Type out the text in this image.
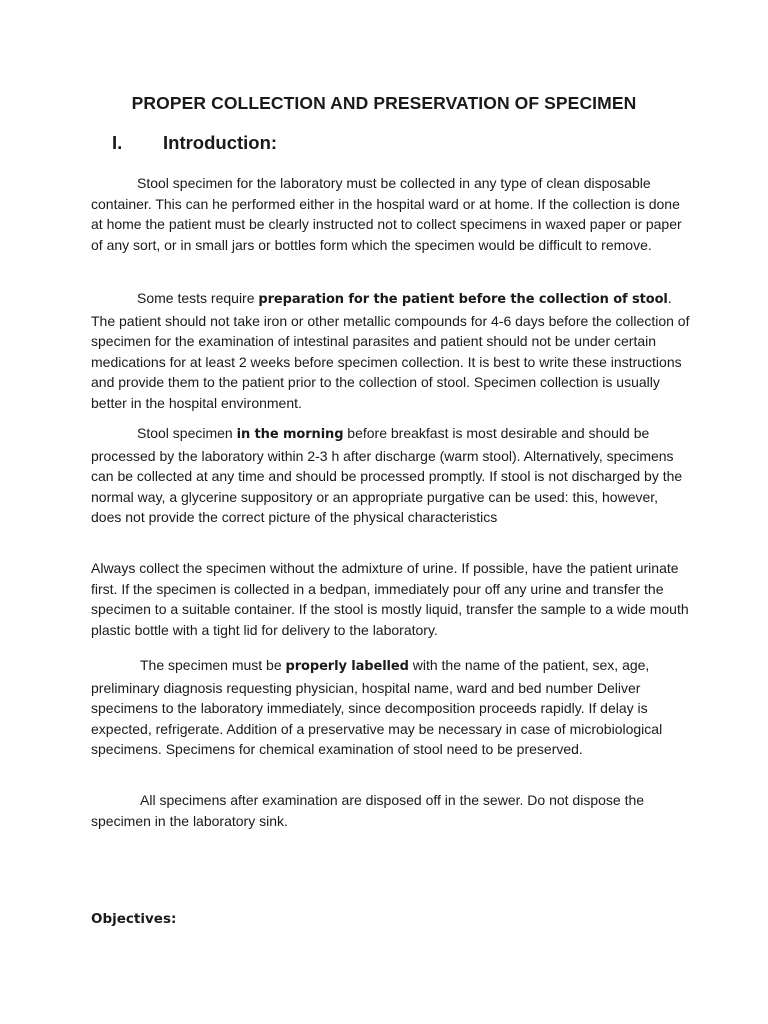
PROPER COLLECTION AND PRESERVATION OF SPECIMEN
I. Introduction:

Stool specimen for the laboratory must be collected in any type of clean disposable container. This can he performed either in the hospital ward or at home. If the collection is done at home the patient must be clearly instructed not to collect specimens in waxed paper or paper of any sort, or in small jars or bottles form which the specimen would be difficult to remove.

Some tests require preparation for the patient before the collection of stool. The patient should not take iron or other metallic compounds for 4-6 days before the collection of specimen for the examination of intestinal parasites and patient should not be under certain medications for at least 2 weeks before specimen collection. It is best to write these instructions and provide them to the patient prior to the collection of stool. Specimen collection is usually better in the hospital environment.

Stool specimen in the morning before breakfast is most desirable and should be processed by the laboratory within 2-3 h after discharge (warm stool). Alternatively, specimens can be collected at any time and should be processed promptly. If stool is not discharged by the normal way, a glycerine suppository or an appropriate purgative can be used: this, however, does not provide the correct picture of the physical characteristics

Always collect the specimen without the admixture of urine. If possible, have the patient urinate first. If the specimen is collected in a bedpan, immediately pour off any urine and transfer the specimen to a suitable container. If the stool is mostly liquid, transfer the sample to a wide mouth plastic bottle with a tight lid for delivery to the laboratory.

The specimen must be properly labelled with the name of the patient, sex, age, preliminary diagnosis requesting physician, hospital name, ward and bed number Deliver specimens to the laboratory immediately, since decomposition proceeds rapidly. If delay is expected, refrigerate. Addition of a preservative may be necessary in case of microbiological specimens. Specimens for chemical examination of stool need to be preserved.

All specimens after examination are disposed off in the sewer. Do not dispose the specimen in the laboratory sink.

Objectives:
